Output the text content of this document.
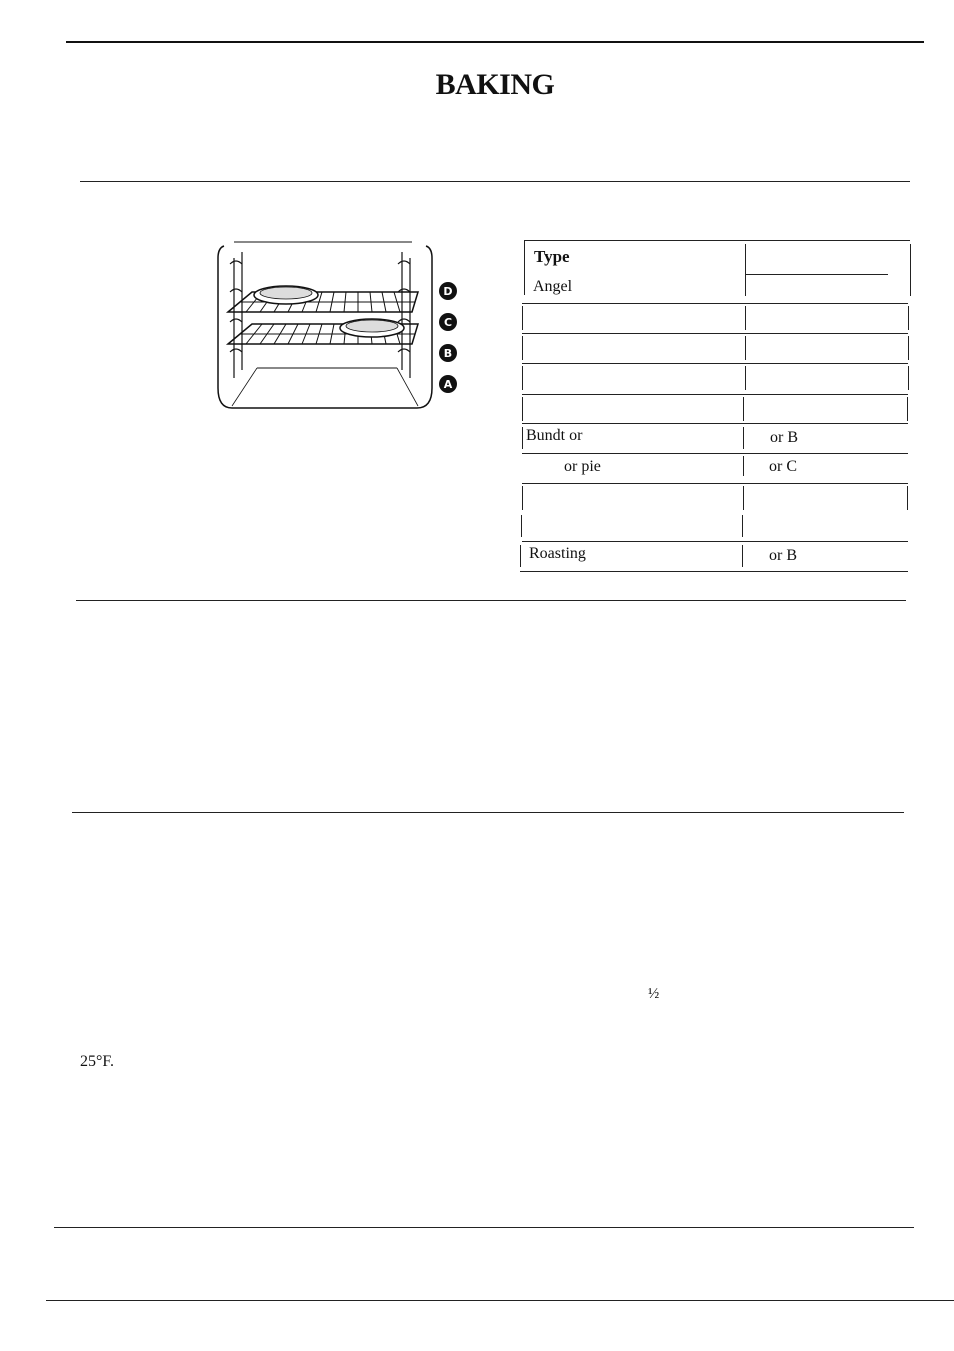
BAKING
D
C
B
A
Type
Angel
Bundt or	or B
or pie	or C
Roasting	or B
½
25°F.
